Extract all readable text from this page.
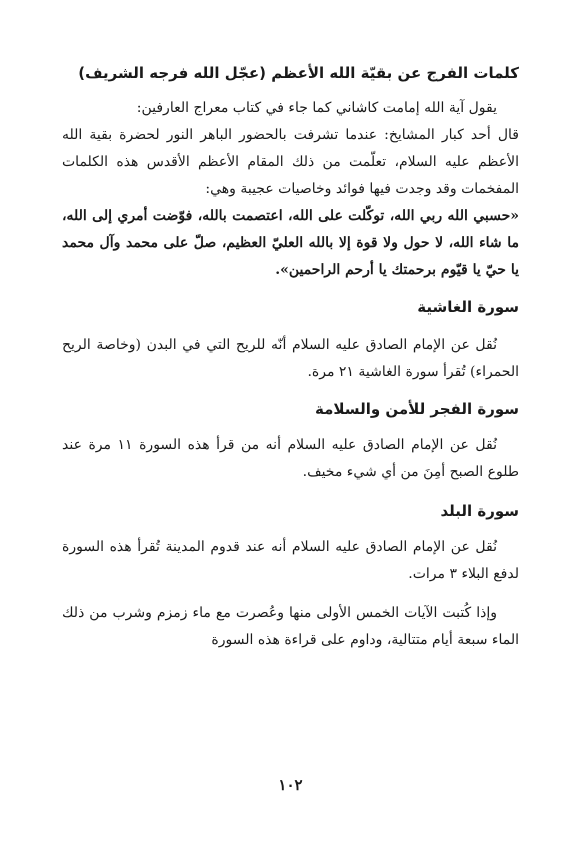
كلمات الفرج عن بقيّة الله الأعظم (عجّل الله فرجه الشريف)

يقول آية الله إمامت كاشاني كما جاء في كتاب معراج العارفين:

قال أحد كبار المشايخ: عندما تشرفت بالحضور الباهر النور لحضرة بقية الله الأعظم عليه السلام، تعلّمت من ذلك المقام الأعظم الأقدس هذه الكلمات المفخمات وقد وجدت فيها فوائد وخاصيات عجيبة وهي:

«حسبي الله ربي الله، توكّلت على الله، اعتصمت بالله، فوّضت أمري إلى الله، ما شاء الله، لا حول ولا قوة إلا بالله العليّ العظيم، صلّ على محمد وآل محمد يا حيّ يا قيّوم برحمتك يا أرحم الراحمين».

سورة الغاشية

نُقل عن الإمام الصادق عليه السلام أنّه للريح التي في البدن (وخاصة الريح الحمراء) تُقرأ سورة الغاشية ٢١ مرة.

سورة الفجر للأمن والسلامة

نُقل عن الإمام الصادق عليه السلام أنه من قرأ هذه السورة ١١ مرة عند طلوع الصبح أمِنَ من أي شيء مخيف.

سورة البلد

نُقل عن الإمام الصادق عليه السلام أنه عند قدوم المدينة تُقرأ هذه السورة لدفع البلاء ٣ مرات.

وإذا كُتبت الآيات الخمس الأولى منها وعُصرت مع ماء زمزم وشرب من ذلك الماء سبعة أيام متتالية، وداوم على قراءة هذه السورة

١٠٢
